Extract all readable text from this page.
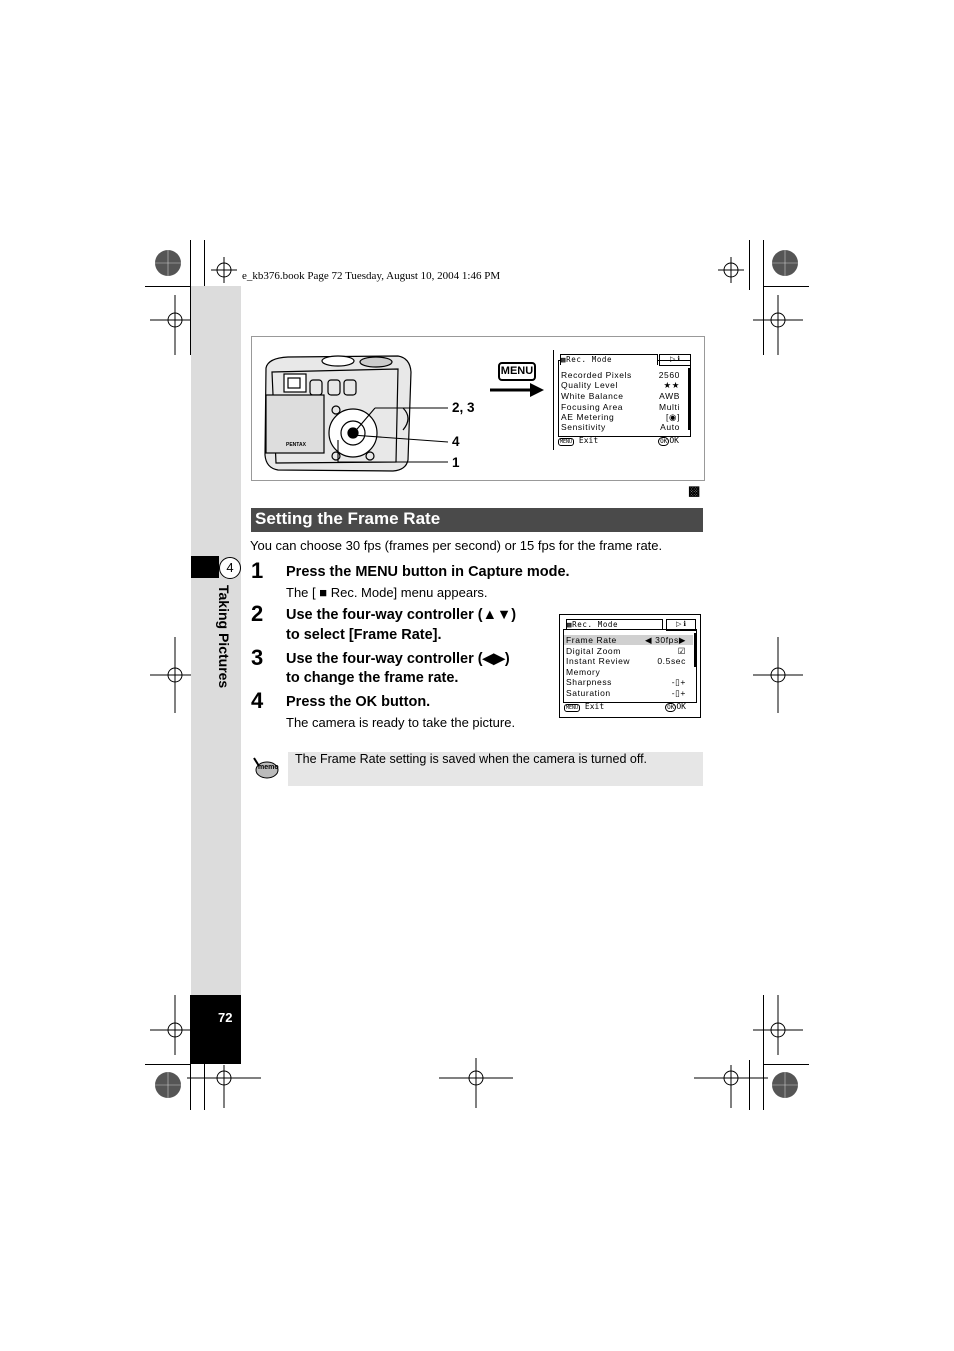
e_kb376.book Page 72 Tuesday, August 10, 2004 1:46 PM
4
Taking Pictures
72
PENTAX
2, 3
4
1
MENU
▩Rec. Mode	▷ ℹ
Recorded Pixels	2560
Quality Level	★★
White Balance	AWB
Focusing Area	Multi
AE Metering	[◉]
Sensitivity	Auto
MENU Exit	OK OK
▩
Setting the Frame Rate
You can choose 30 fps (frames per second) or 15 fps for the frame rate.
1 Press the MENU button in Capture mode.
The [ ■ Rec. Mode] menu appears.
2 Use the four-way controller (▲▼)
to select [Frame Rate].
3 Use the four-way controller (◀▶)
to change the frame rate.
4 Press the OK button.
The camera is ready to take the picture.
▩Rec. Mode	▷ ℹ
Frame Rate	◀ 30fps▶
Digital Zoom	☑
Instant Review	0.5sec
Memory
Sharpness	-▯+
Saturation	-▯+
MENU Exit	OK OK
memo
The Frame Rate setting is saved when the camera is turned off.
